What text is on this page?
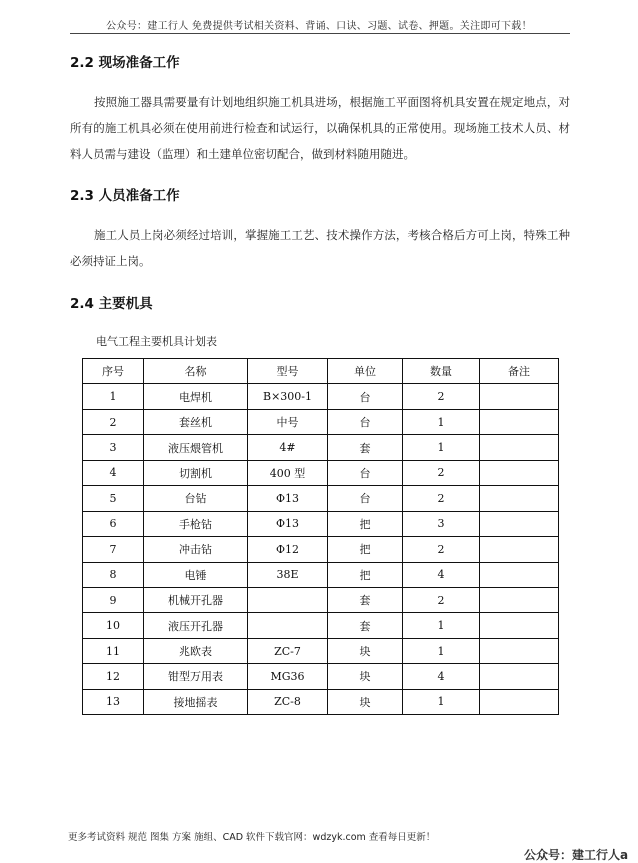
公众号：建工行人 免费提供考试相关资料、背诵、口诀、习题、试卷、押题。关注即可下载！
2.2 现场准备工作
按照施工器具需要量有计划地组织施工机具进场，根据施工平面图将机具安置在规定地点，对所有的施工机具必须在使用前进行检查和试运行，以确保机具的正常使用。现场施工技术人员、材料人员需与建设（监理）和土建单位密切配合，做到材料随用随进。
2.3 人员准备工作
施工人员上岗必须经过培训，掌握施工工艺、技术操作方法，考核合格后方可上岗，特殊工种必须持证上岗。
2.4 主要机具
电气工程主要机具计划表
序号	名称	型号	单位	数量	备注
1	电焊机	B×300-1	台	2	
2	套丝机	中号	台	1	
3	液压煨管机	4#	套	1	
4	切割机	400 型	台	2	
5	台钻	Φ13	台	2	
6	手枪钻	Φ13	把	3	
7	冲击钻	Φ12	把	2	
8	电锤	38E	把	4	
9	机械开孔器		套	2	
10	液压开孔器		套	1	
11	兆欧表	ZC-7	块	1	
12	钳型万用表	MG36	块	4	
13	接地摇表	ZC-8	块	1	
更多考试资料 规范 图集 方案 施组、CAD 软件下载官网：wdzyk.com 查看每日更新！
公众号：建工行人a
